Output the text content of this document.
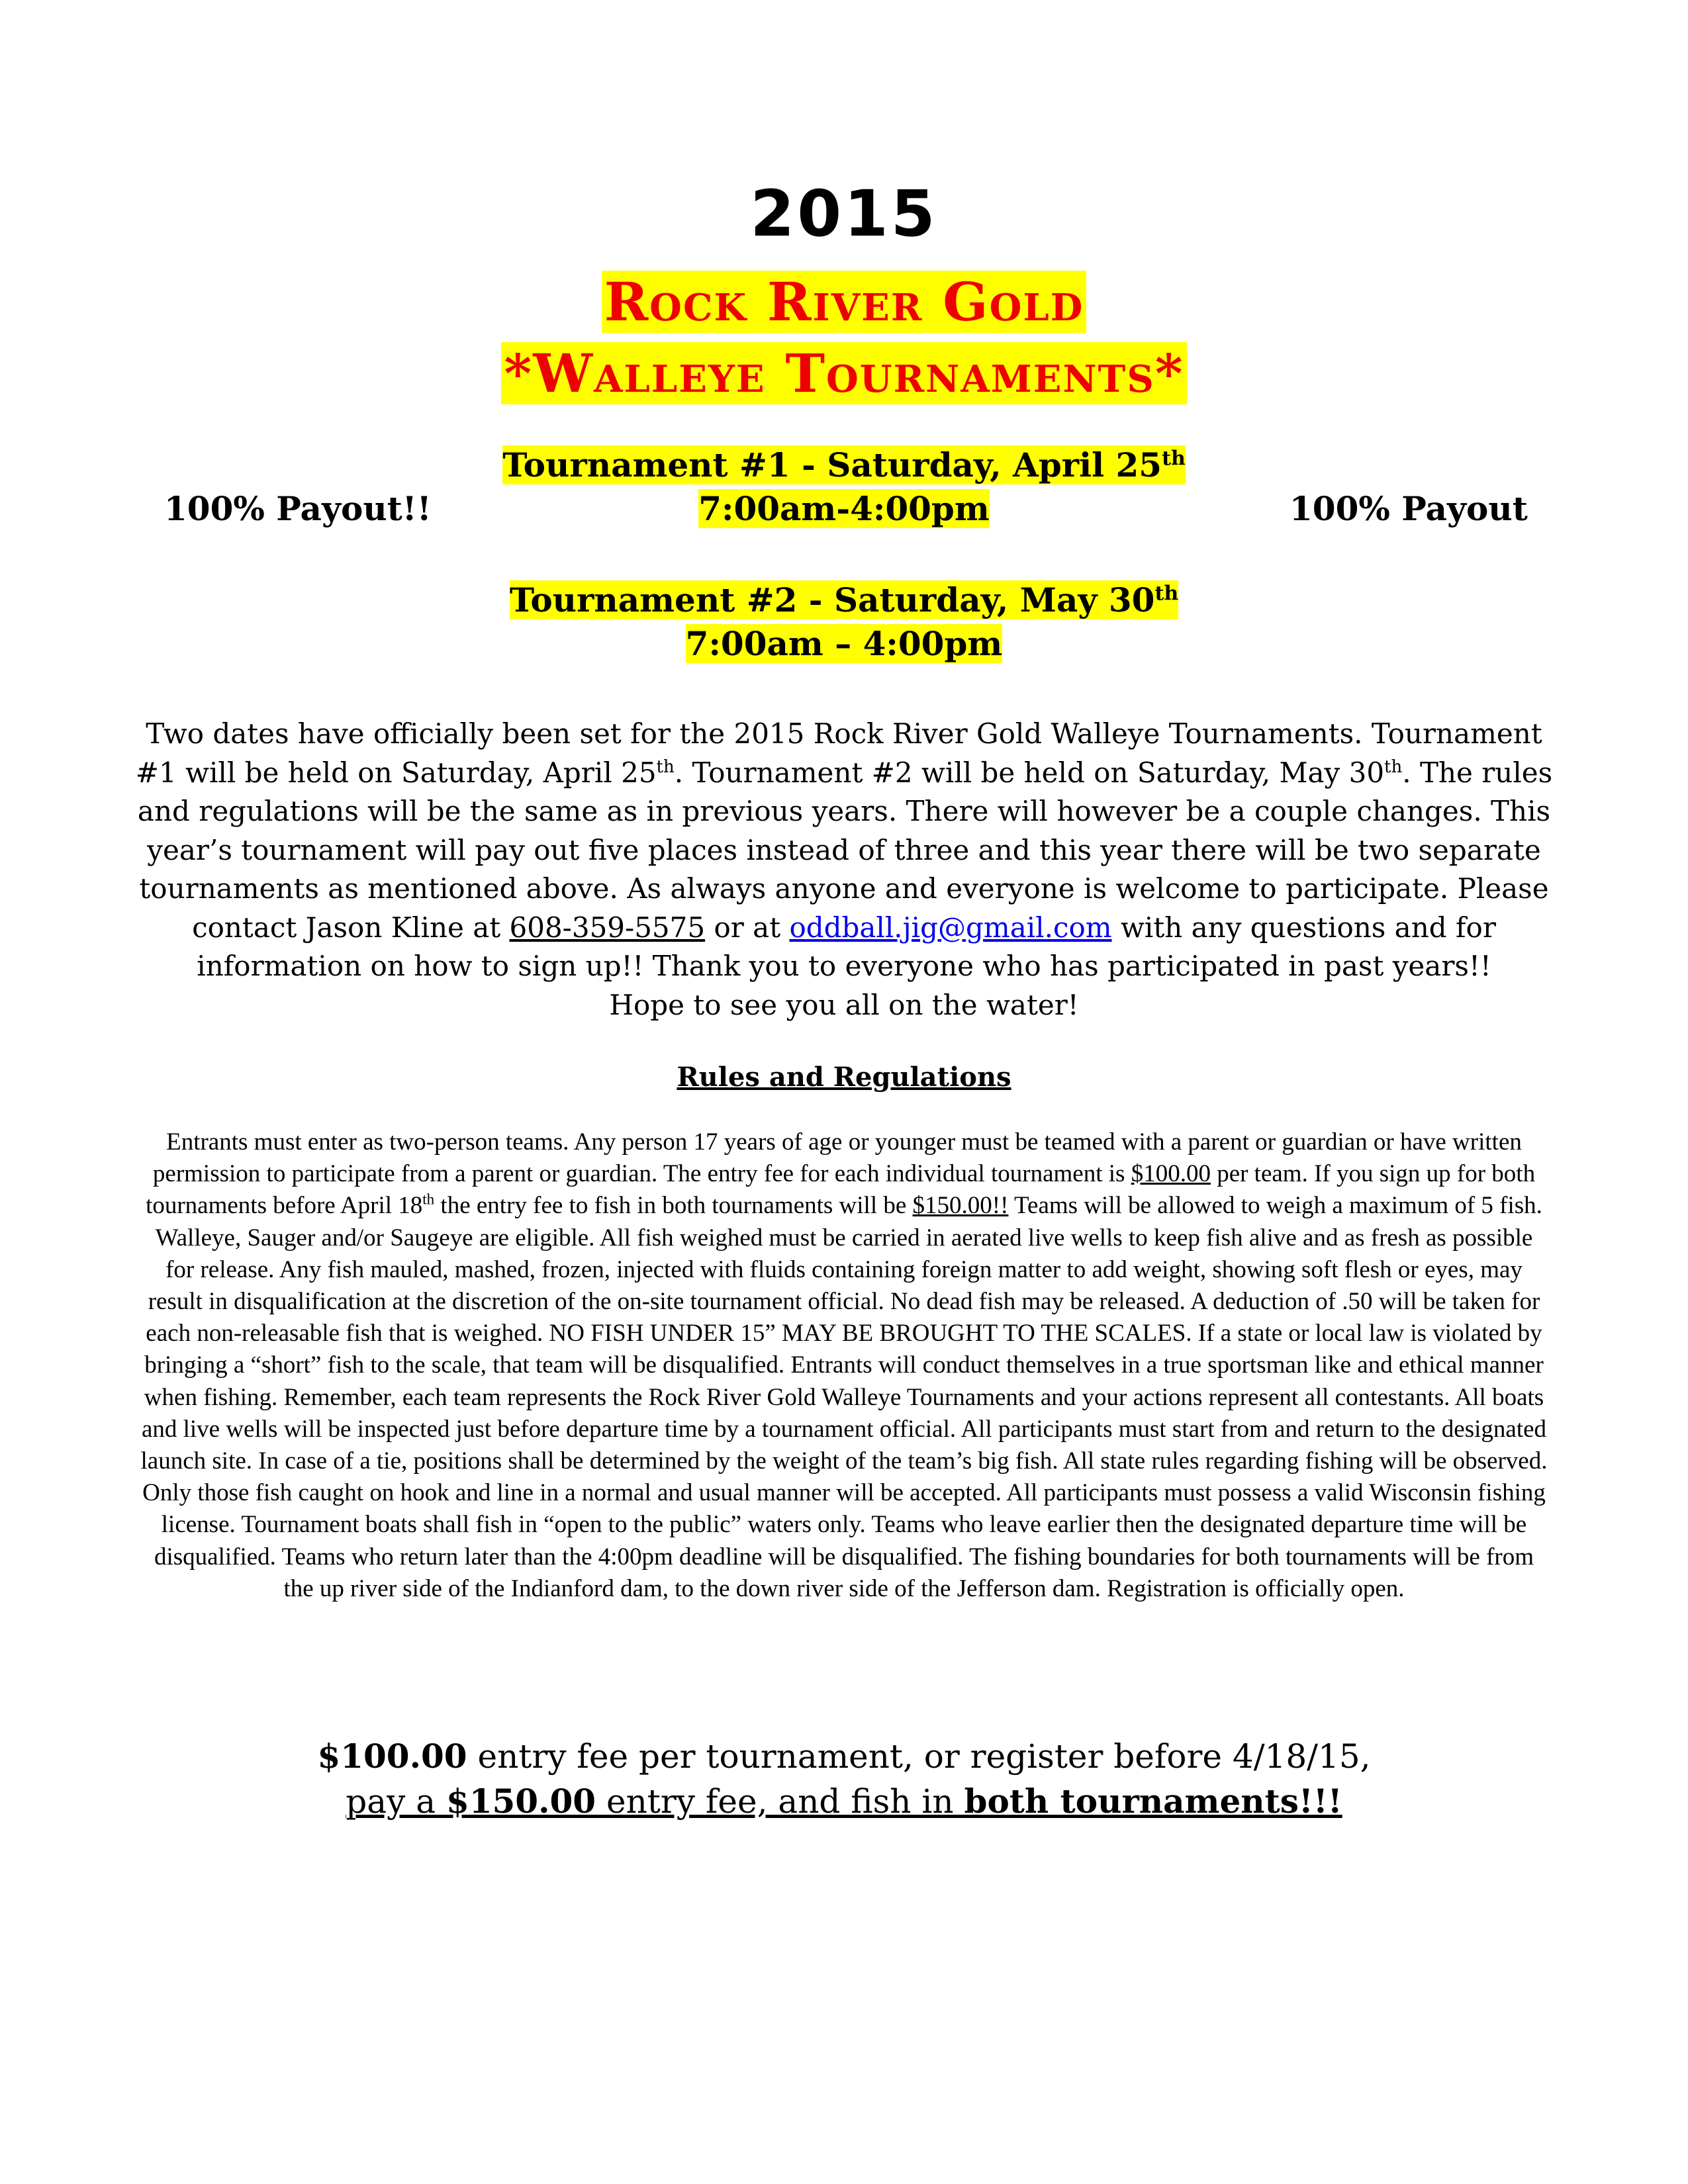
2015
Rock River Gold
*Walleye Tournaments*
Tournament #1 - Saturday, April 25th
7:00am-4:00pm
100% Payout!!	100% Payout
Tournament #2 - Saturday, May 30th
7:00am – 4:00pm
Two dates have officially been set for the 2015 Rock River Gold Walleye Tournaments. Tournament #1 will be held on Saturday, April 25th. Tournament #2 will be held on Saturday, May 30th. The rules and regulations will be the same as in previous years. There will however be a couple changes. This year’s tournament will pay out five places instead of three and this year there will be two separate tournaments as mentioned above. As always anyone and everyone is welcome to participate. Please contact Jason Kline at 608-359-5575 or at oddball.jig@gmail.com with any questions and for information on how to sign up!! Thank you to everyone who has participated in past years!!
Hope to see you all on the water!
Rules and Regulations
Entrants must enter as two-person teams. Any person 17 years of age or younger must be teamed with a parent or guardian or have written permission to participate from a parent or guardian. The entry fee for each individual tournament is $100.00 per team. If you sign up for both tournaments before April 18th the entry fee to fish in both tournaments will be $150.00!! Teams will be allowed to weigh a maximum of 5 fish. Walleye, Sauger and/or Saugeye are eligible. All fish weighed must be carried in aerated live wells to keep fish alive and as fresh as possible for release. Any fish mauled, mashed, frozen, injected with fluids containing foreign matter to add weight, showing soft flesh or eyes, may result in disqualification at the discretion of the on-site tournament official. No dead fish may be released. A deduction of .50 will be taken for each non-releasable fish that is weighed. NO FISH UNDER 15” MAY BE BROUGHT TO THE SCALES. If a state or local law is violated by bringing a “short” fish to the scale, that team will be disqualified. Entrants will conduct themselves in a true sportsman like and ethical manner when fishing. Remember, each team represents the Rock River Gold Walleye Tournaments and your actions represent all contestants. All boats and live wells will be inspected just before departure time by a tournament official. All participants must start from and return to the designated launch site. In case of a tie, positions shall be determined by the weight of the team’s big fish. All state rules regarding fishing will be observed. Only those fish caught on hook and line in a normal and usual manner will be accepted. All participants must possess a valid Wisconsin fishing license. Tournament boats shall fish in “open to the public” waters only. Teams who leave earlier then the designated departure time will be disqualified. Teams who return later than the 4:00pm deadline will be disqualified. The fishing boundaries for both tournaments will be from the up river side of the Indianford dam, to the down river side of the Jefferson dam. Registration is officially open.
$100.00 entry fee per tournament, or register before 4/18/15,
pay a $150.00 entry fee, and fish in both tournaments!!!
